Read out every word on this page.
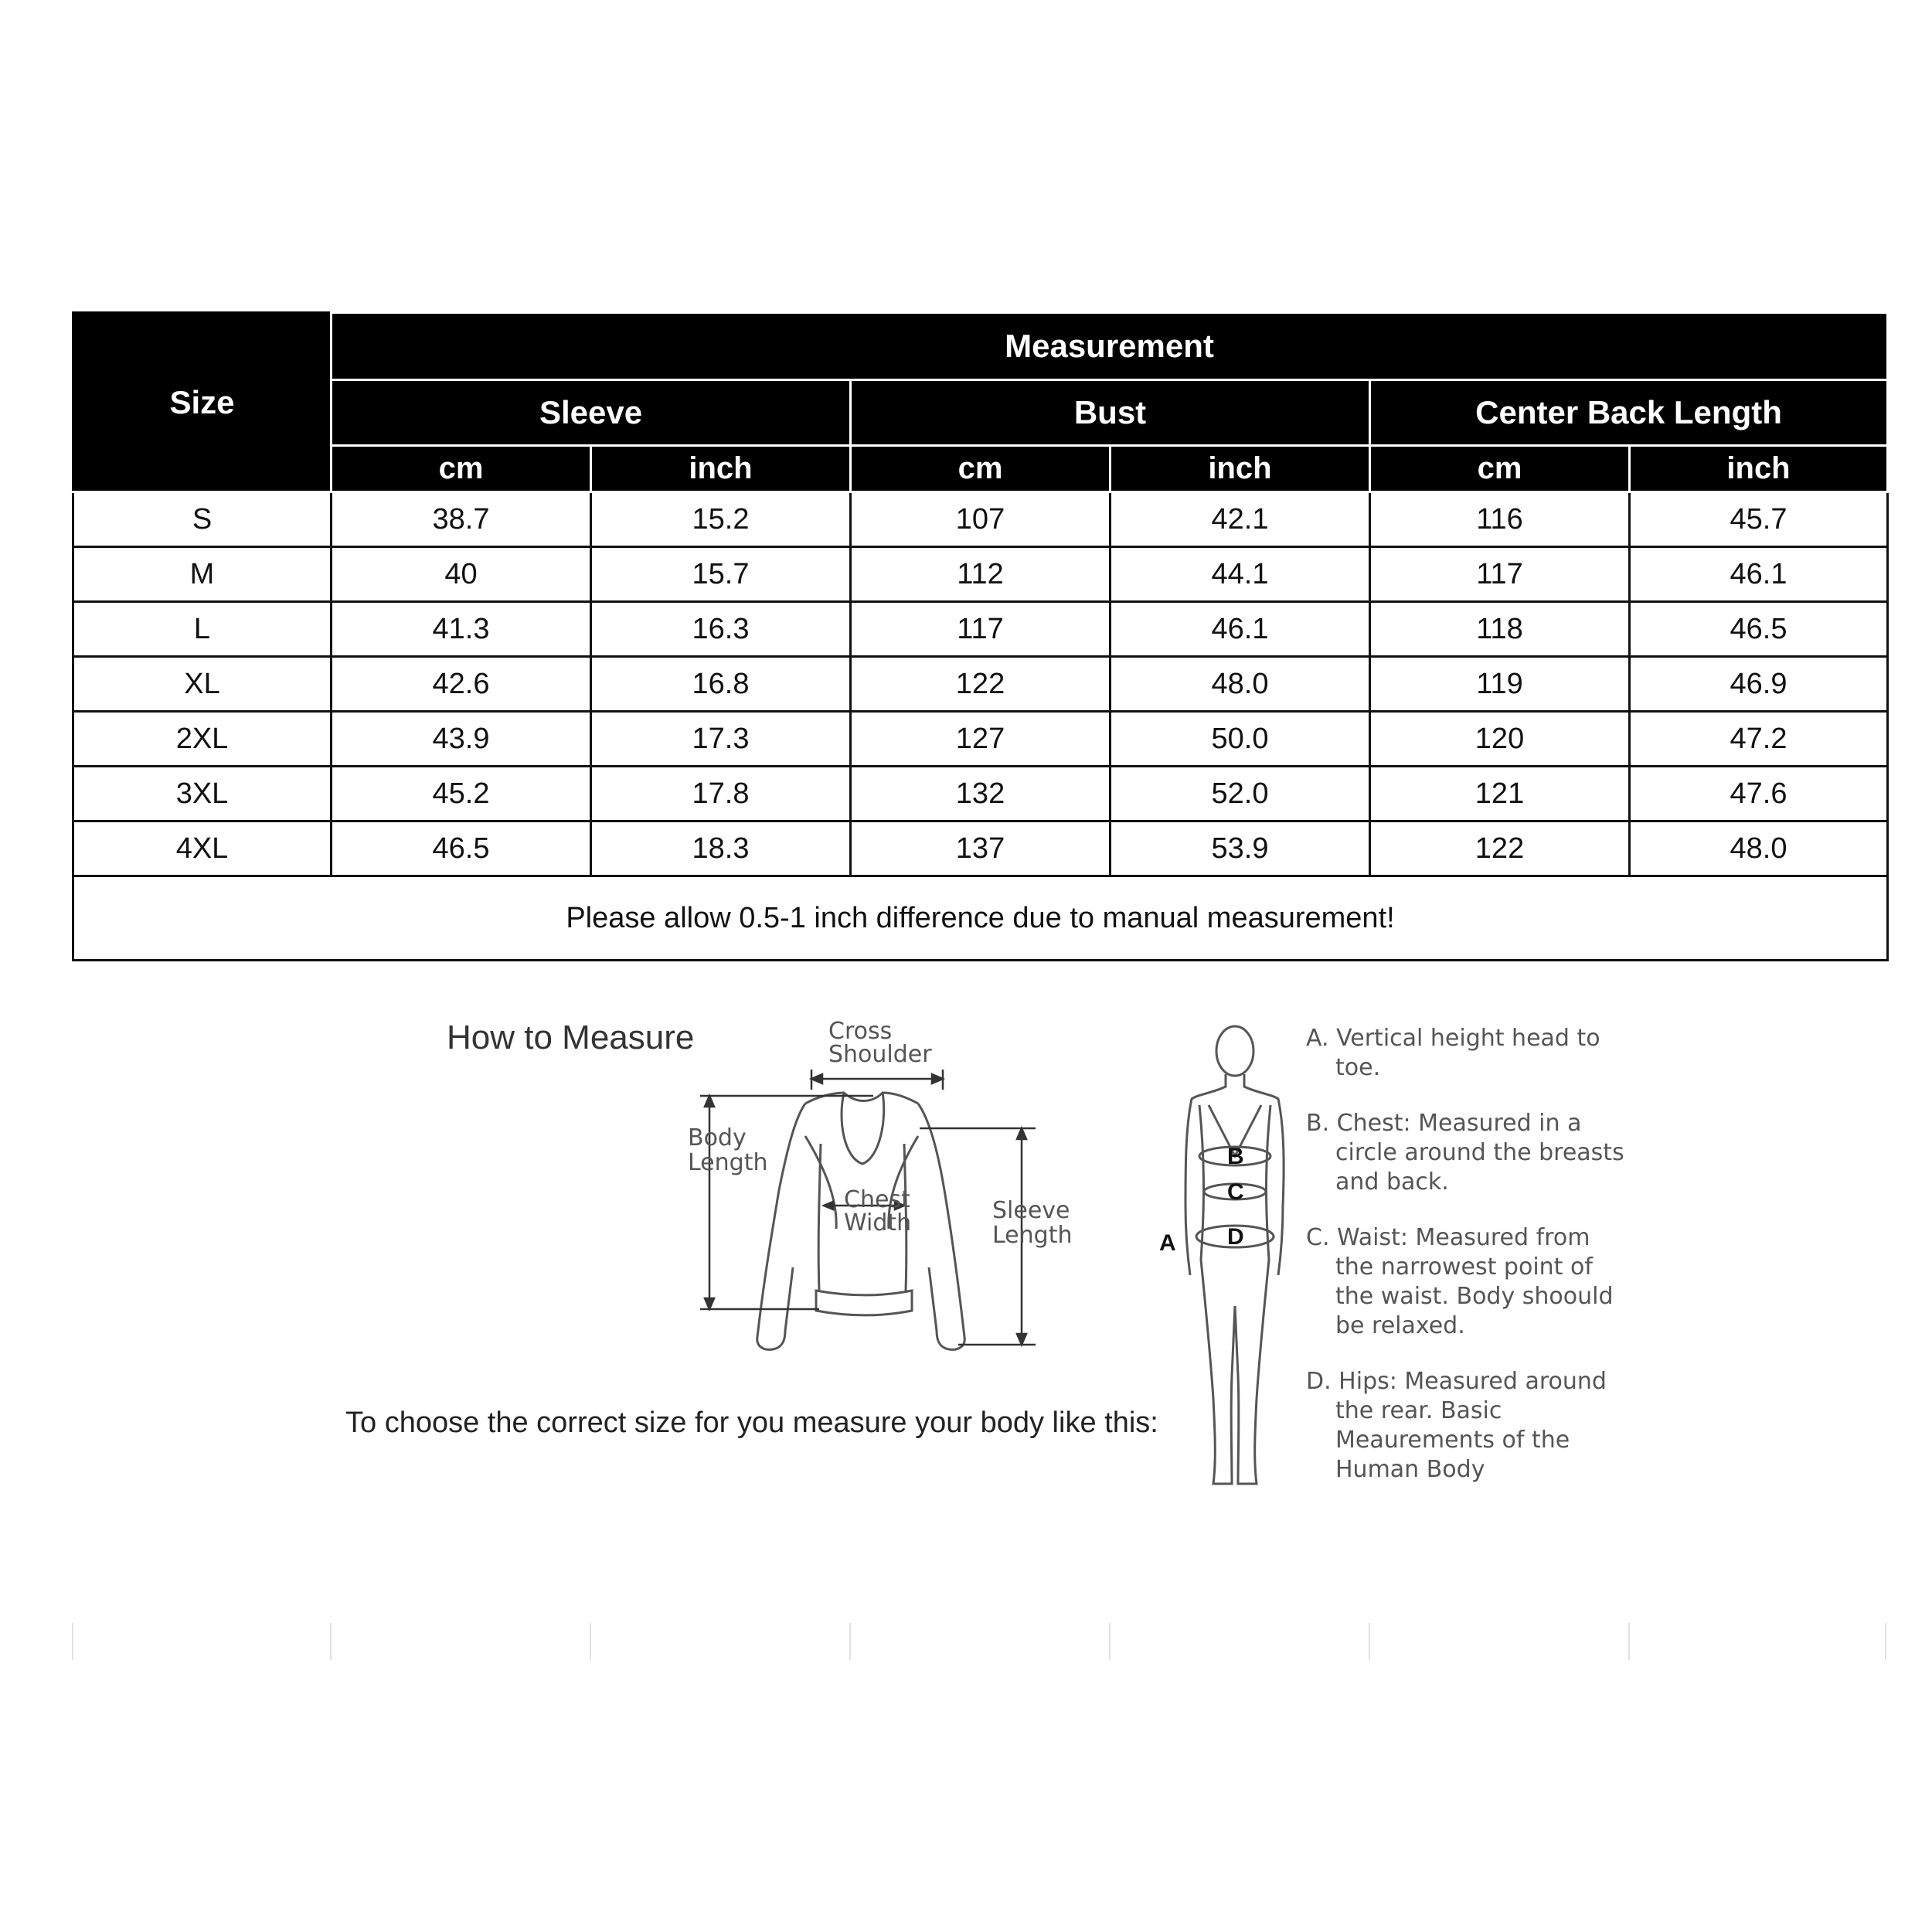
Size	Measurement					
	Sleeve		Bust		Center Back Length	
	cm	inch	cm	inch	cm	inch
S	38.7	15.2	107	42.1	116	45.7
M	40	15.7	112	44.1	117	46.1
L	41.3	16.3	117	46.1	118	46.5
XL	42.6	16.8	122	48.0	119	46.9
2XL	43.9	17.3	127	50.0	120	47.2
3XL	45.2	17.8	132	52.0	121	47.6
4XL	46.5	18.3	137	53.9	122	48.0
Please allow 0.5-1 inch difference due to manual measurement!						
How to Measure	Cross
Shoulder
Body
Length
Chest
Width	Sleeve
Length
To choose the correct size for you measure your body like this:
B
C
D
A
A. Vertical height head to toe.
B. Chest: Measured in a circle around the breasts and back.
C. Waist: Measured from the narrowest point of the waist. Body shoould be relaxed.
D. Hips: Measured around the rear. Basic Meaurements of the Human Body
